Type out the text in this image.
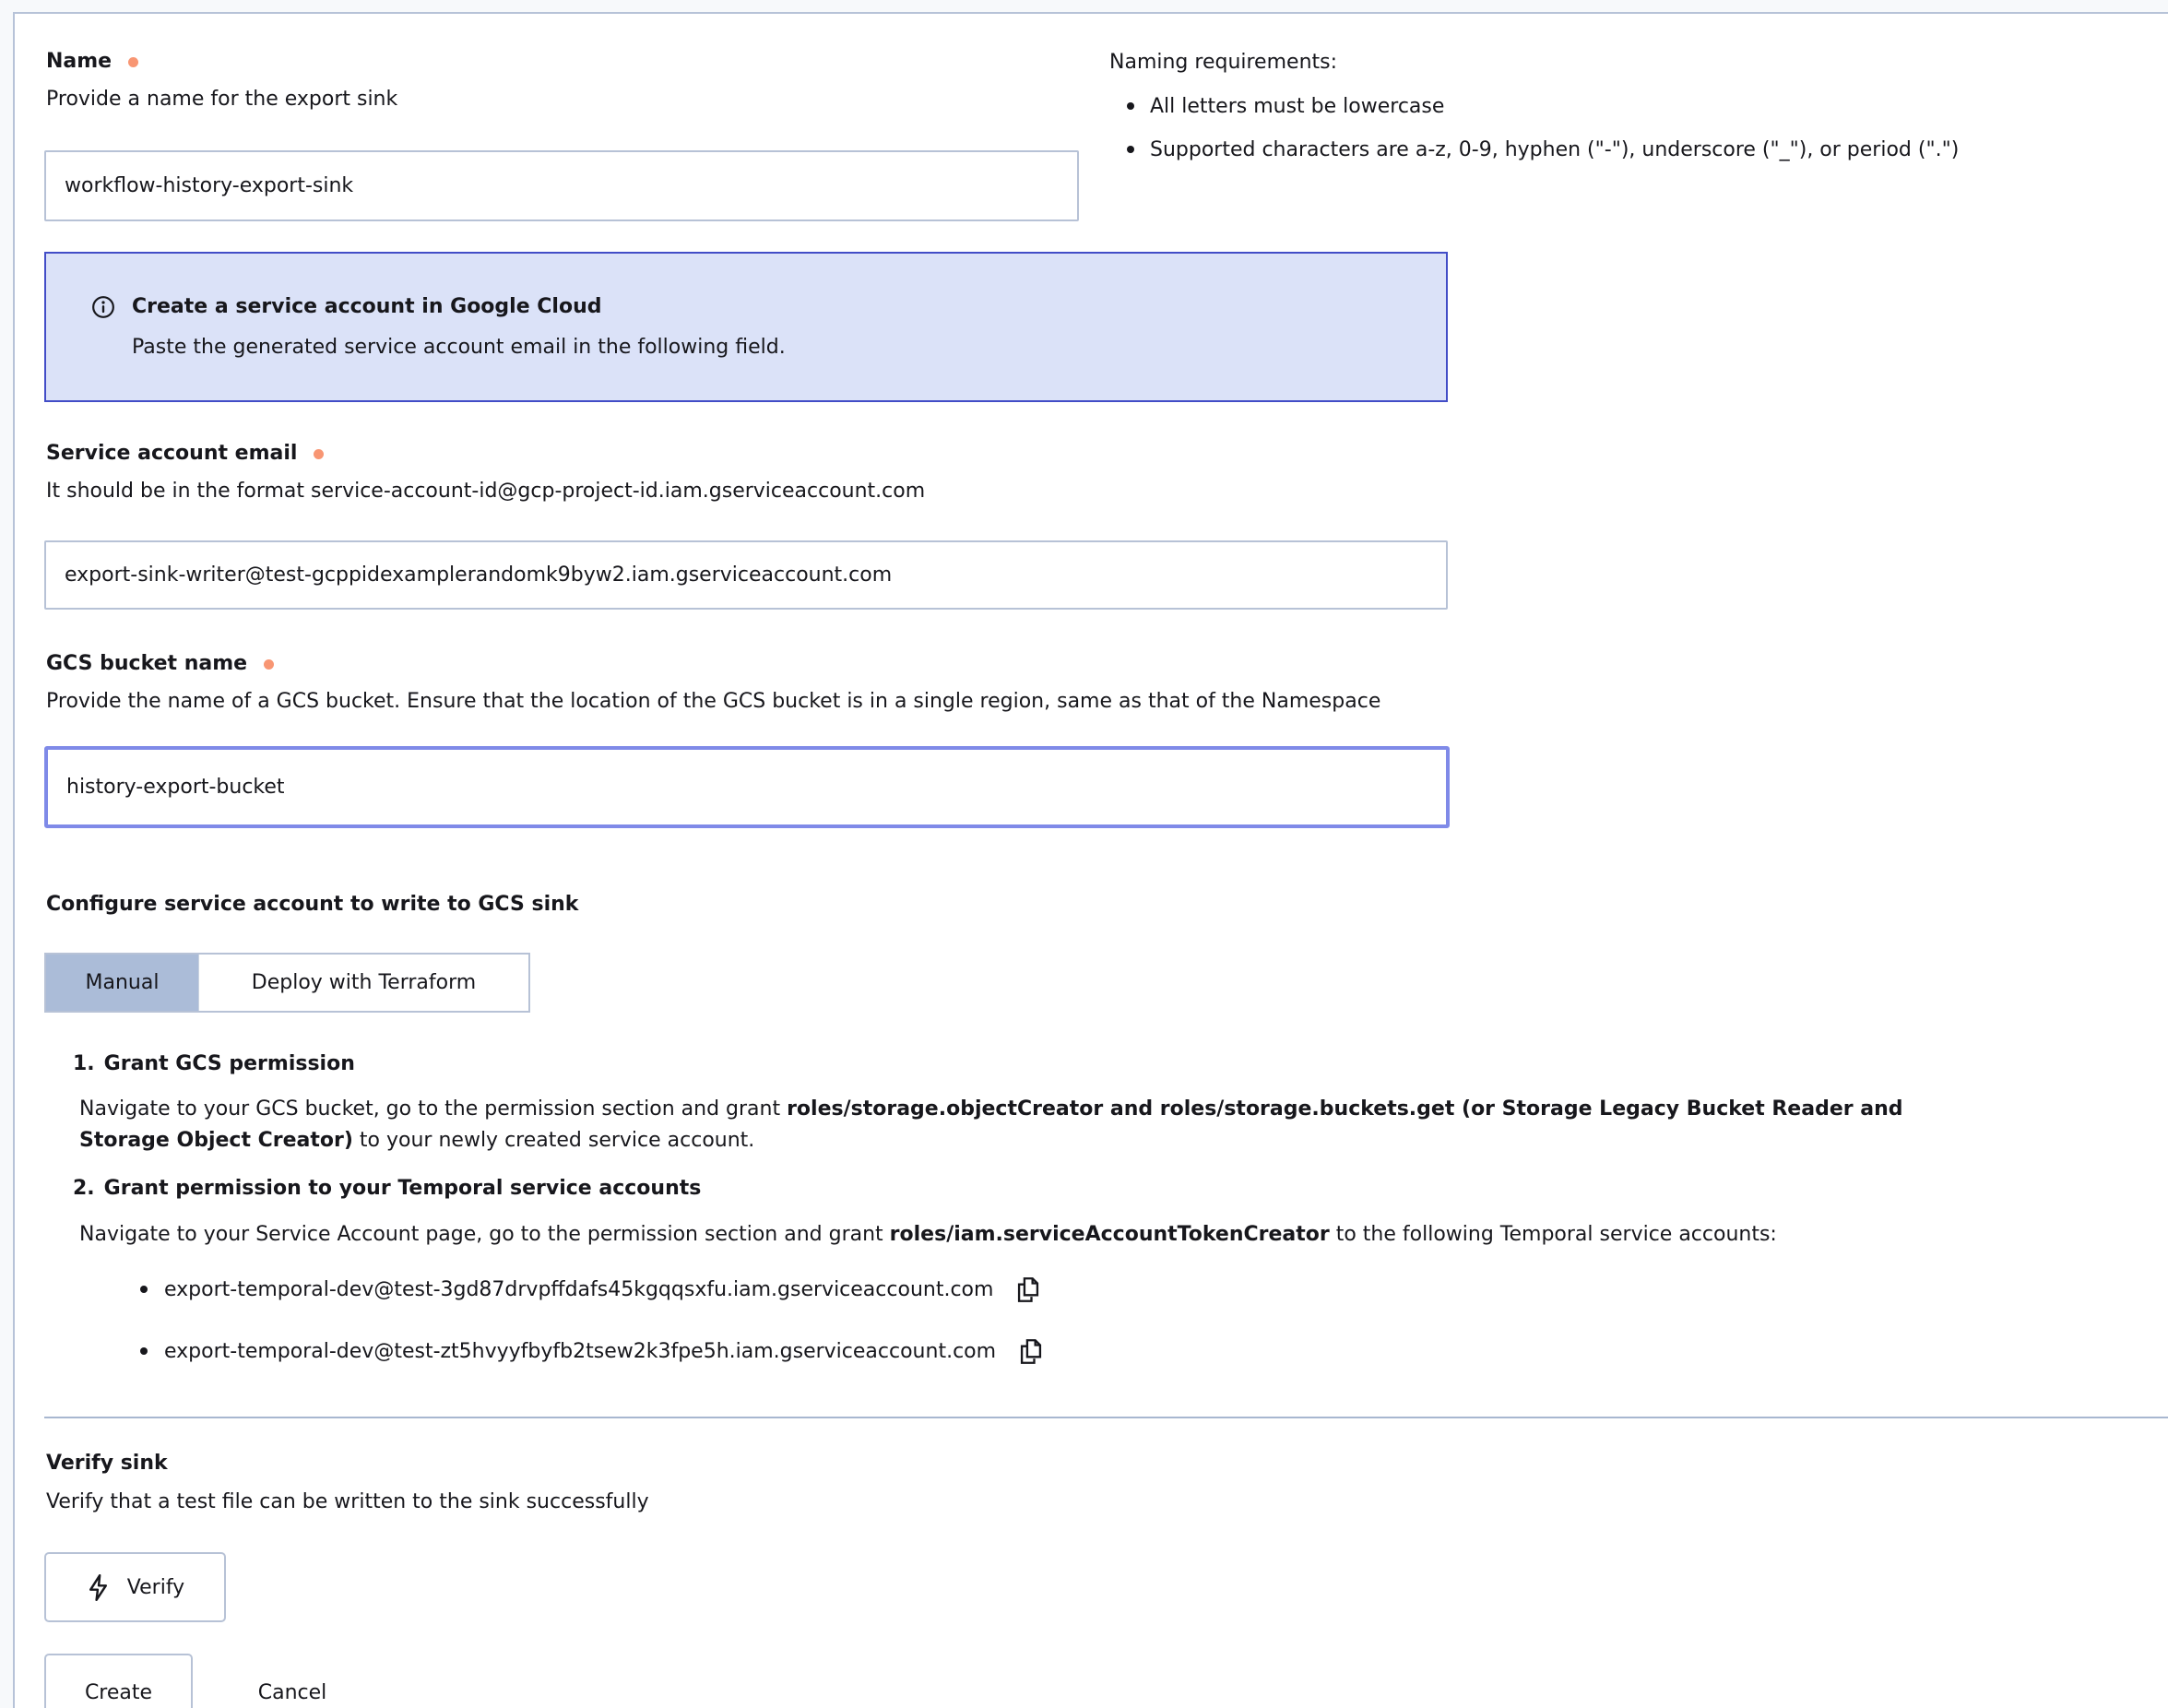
Name
Provide a name for the export sink
workflow-history-export-sink
Naming requirements:
All letters must be lowercase
Supported characters are a-z, 0-9, hyphen ("-"), underscore ("_"), or period (".")
Create a service account in Google Cloud
Paste the generated service account email in the following field.
Service account email
It should be in the format service-account-id@gcp-project-id.iam.gserviceaccount.com
export-sink-writer@test-gcppidexamplerandomk9byw2.iam.gserviceaccount.com
GCS bucket name
Provide the name of a GCS bucket. Ensure that the location of the GCS bucket is in a single region, same as that of the Namespace
history-export-bucket
Configure service account to write to GCS sink
Manual	Deploy with Terraform
1. Grant GCS permission
Navigate to your GCS bucket, go to the permission section and grant roles/storage.objectCreator and roles/storage.buckets.get (or Storage Legacy Bucket Reader and
Storage Object Creator) to your newly created service account.
2. Grant permission to your Temporal service accounts
Navigate to your Service Account page, go to the permission section and grant roles/iam.serviceAccountTokenCreator to the following Temporal service accounts:
export-temporal-dev@test-3gd87drvpffdafs45kgqqsxfu.iam.gserviceaccount.com
export-temporal-dev@test-zt5hvyyfbyfb2tsew2k3fpe5h.iam.gserviceaccount.com
Verify sink
Verify that a test file can be written to the sink successfully
Verify
Create	Cancel
